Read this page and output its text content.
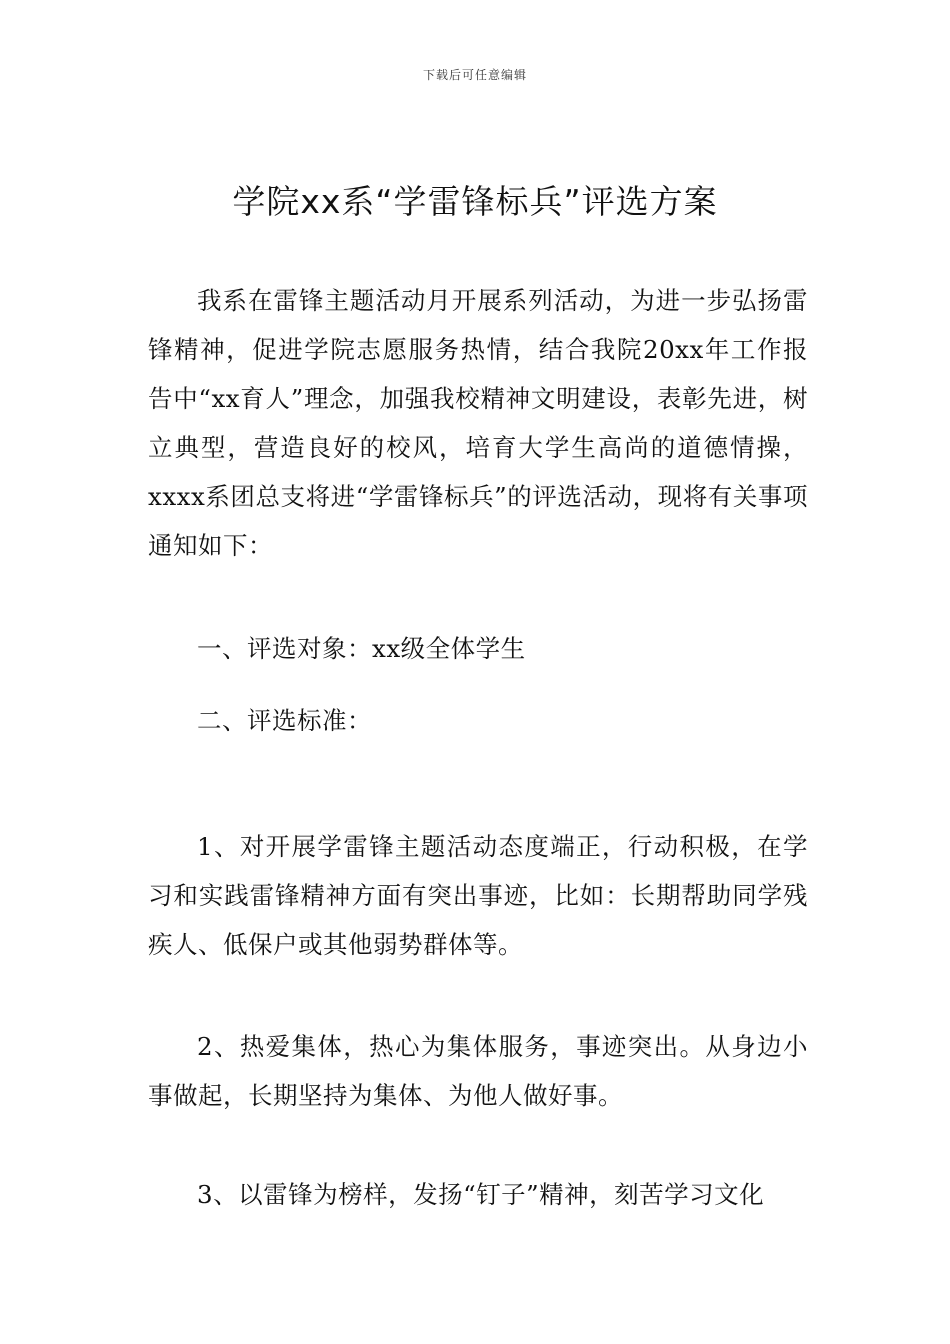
下载后可任意编辑
学院xx系“学雷锋标兵”评选方案

我系在雷锋主题活动月开展系列活动，为进一步弘扬雷锋精神，促进学院志愿服务热情，结合我院20xx年工作报告中“xx育人”理念，加强我校精神文明建设，表彰先进，树立典型，营造良好的校风，培育大学生高尚的道德情操，xxxx系团总支将进“学雷锋标兵”的评选活动，现将有关事项通知如下：

一、评选对象：xx级全体学生

二、评选标准：

1、对开展学雷锋主题活动态度端正，行动积极，在学习和实践雷锋精神方面有突出事迹，比如：长期帮助同学残疾人、低保户或其他弱势群体等。

2、热爱集体，热心为集体服务，事迹突出。从身边小事做起，长期坚持为集体、为他人做好事。

3、以雷锋为榜样，发扬“钉子”精神，刻苦学习文化
